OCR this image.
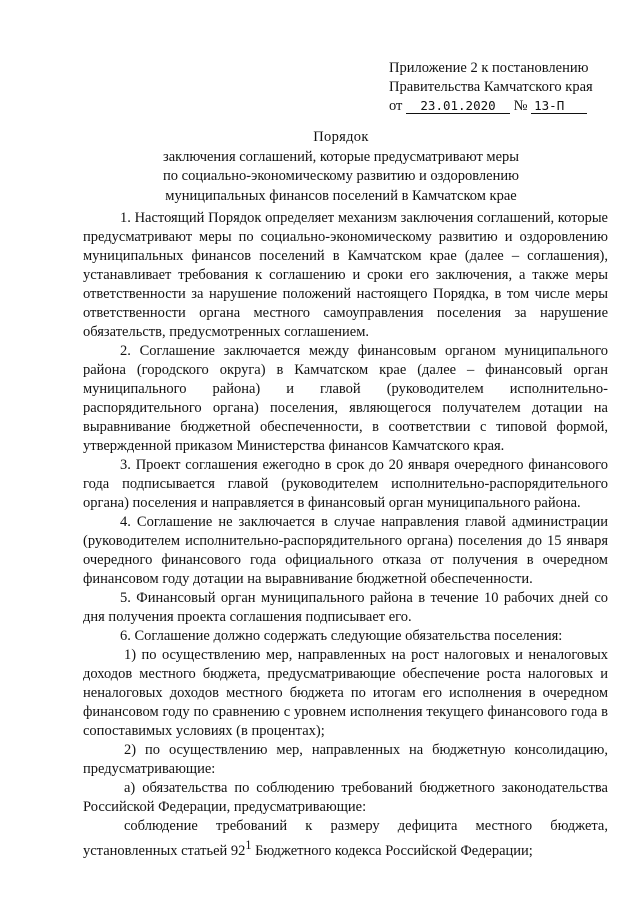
Приложение 2 к постановлению
Правительства Камчатского края
от 23.01.2020 № 13-П
Порядок
заключения соглашений, которые предусматривают меры
по социально-экономическому развитию и оздоровлению
муниципальных финансов поселений в Камчатском крае

1. Настоящий Порядок определяет механизм заключения соглашений, которые предусматривают меры по социально-экономическому развитию и оздоровлению муниципальных финансов поселений в Камчатском крае (далее – соглашения), устанавливает требования к соглашению и сроки его заключения, а также меры ответственности за нарушение положений настоящего Порядка, в том числе меры ответственности органа местного самоуправления поселения за нарушение обязательств, предусмотренных соглашением.

2. Соглашение заключается между финансовым органом муниципального района (городского округа) в Камчатском крае (далее – финансовый орган муниципального района) и главой (руководителем исполнительно-распорядительного органа) поселения, являющегося получателем дотации на выравнивание бюджетной обеспеченности, в соответствии с типовой формой, утвержденной приказом Министерства финансов Камчатского края.

3. Проект соглашения ежегодно в срок до 20 января очередного финансового года подписывается главой (руководителем исполнительно-распорядительного органа) поселения и направляется в финансовый орган муниципального района.

4. Соглашение не заключается в случае направления главой администрации (руководителем исполнительно-распорядительного органа) поселения до 15 января очередного финансового года официального отказа от получения в очередном финансовом году дотации на выравнивание бюджетной обеспеченности.

5. Финансовый орган муниципального района в течение 10 рабочих дней со дня получения проекта соглашения подписывает его.

6. Соглашение должно содержать следующие обязательства поселения:

1) по осуществлению мер, направленных на рост налоговых и неналоговых доходов местного бюджета, предусматривающие обеспечение роста налоговых и неналоговых доходов местного бюджета по итогам его исполнения в очередном финансовом году по сравнению с уровнем исполнения текущего финансового года в сопоставимых условиях (в процентах);

2) по осуществлению мер, направленных на бюджетную консолидацию, предусматривающие:

а) обязательства по соблюдению требований бюджетного законодательства Российской Федерации, предусматривающие:

соблюдение требований к размеру дефицита местного бюджета, установленных статьей $92^1$ Бюджетного кодекса Российской Федерации;
